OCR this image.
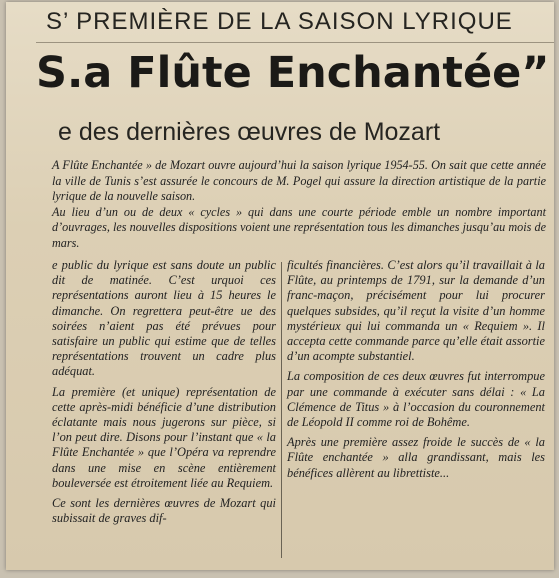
S’ PREMIÈRE DE LA SAISON LYRIQUE
S.a Flûte Enchantée”
e des dernières œuvres de Mozart

A Flûte Enchantée » de Mozart ouvre aujourd’hui la saison lyrique 1954-55. On sait que cette année la ville de Tunis s’est assurée le concours de M. Pogel qui assure la direction artistique de la partie lyrique de la nouvelle saison.

Au lieu d’un ou de deux « cycles » qui dans une courte période emble un nombre important d’ouvrages, les nouvelles dispositions voient une représentation tous les dimanches jusqu’au mois de mars.

e public du lyrique est sans doute un public dit de matinée. C’est urquoi ces représentations auront lieu à 15 heures le dimanche. On regrettera peut-être ue des soirées n’aient pas été prévues pour satisfaire un public qui estime que de telles représentations trouvent un cadre plus adéquat.

La première (et unique) représentation de cette après-midi bénéficie d’une distribution éclatante mais nous jugerons sur pièce, si l’on peut dire. Disons pour l’instant que « la Flûte Enchantée » que l’Opéra va reprendre dans une mise en scène entièrement bouleversée est étroitement liée au Requiem.

Ce sont les dernières œuvres de Mozart qui subissait de graves dif-

ficultés financières. C’est alors qu’il travaillait à la Flûte, au printemps de 1791, sur la demande d’un franc-maçon, précisément pour lui procurer quelques subsides, qu’il reçut la visite d’un homme mystérieux qui lui commanda un « Requiem ». Il accepta cette commande parce qu’elle était assortie d’un acompte substantiel.

La composition de ces deux œuvres fut interrompue par une commande à exécuter sans délai : « La Clémence de Titus » à l’occasion du couronnement de Léopold II comme roi de Bohême.

Après une première assez froide le succès de « la Flûte enchantée » alla grandissant, mais les bénéfices allèrent au librettiste...
